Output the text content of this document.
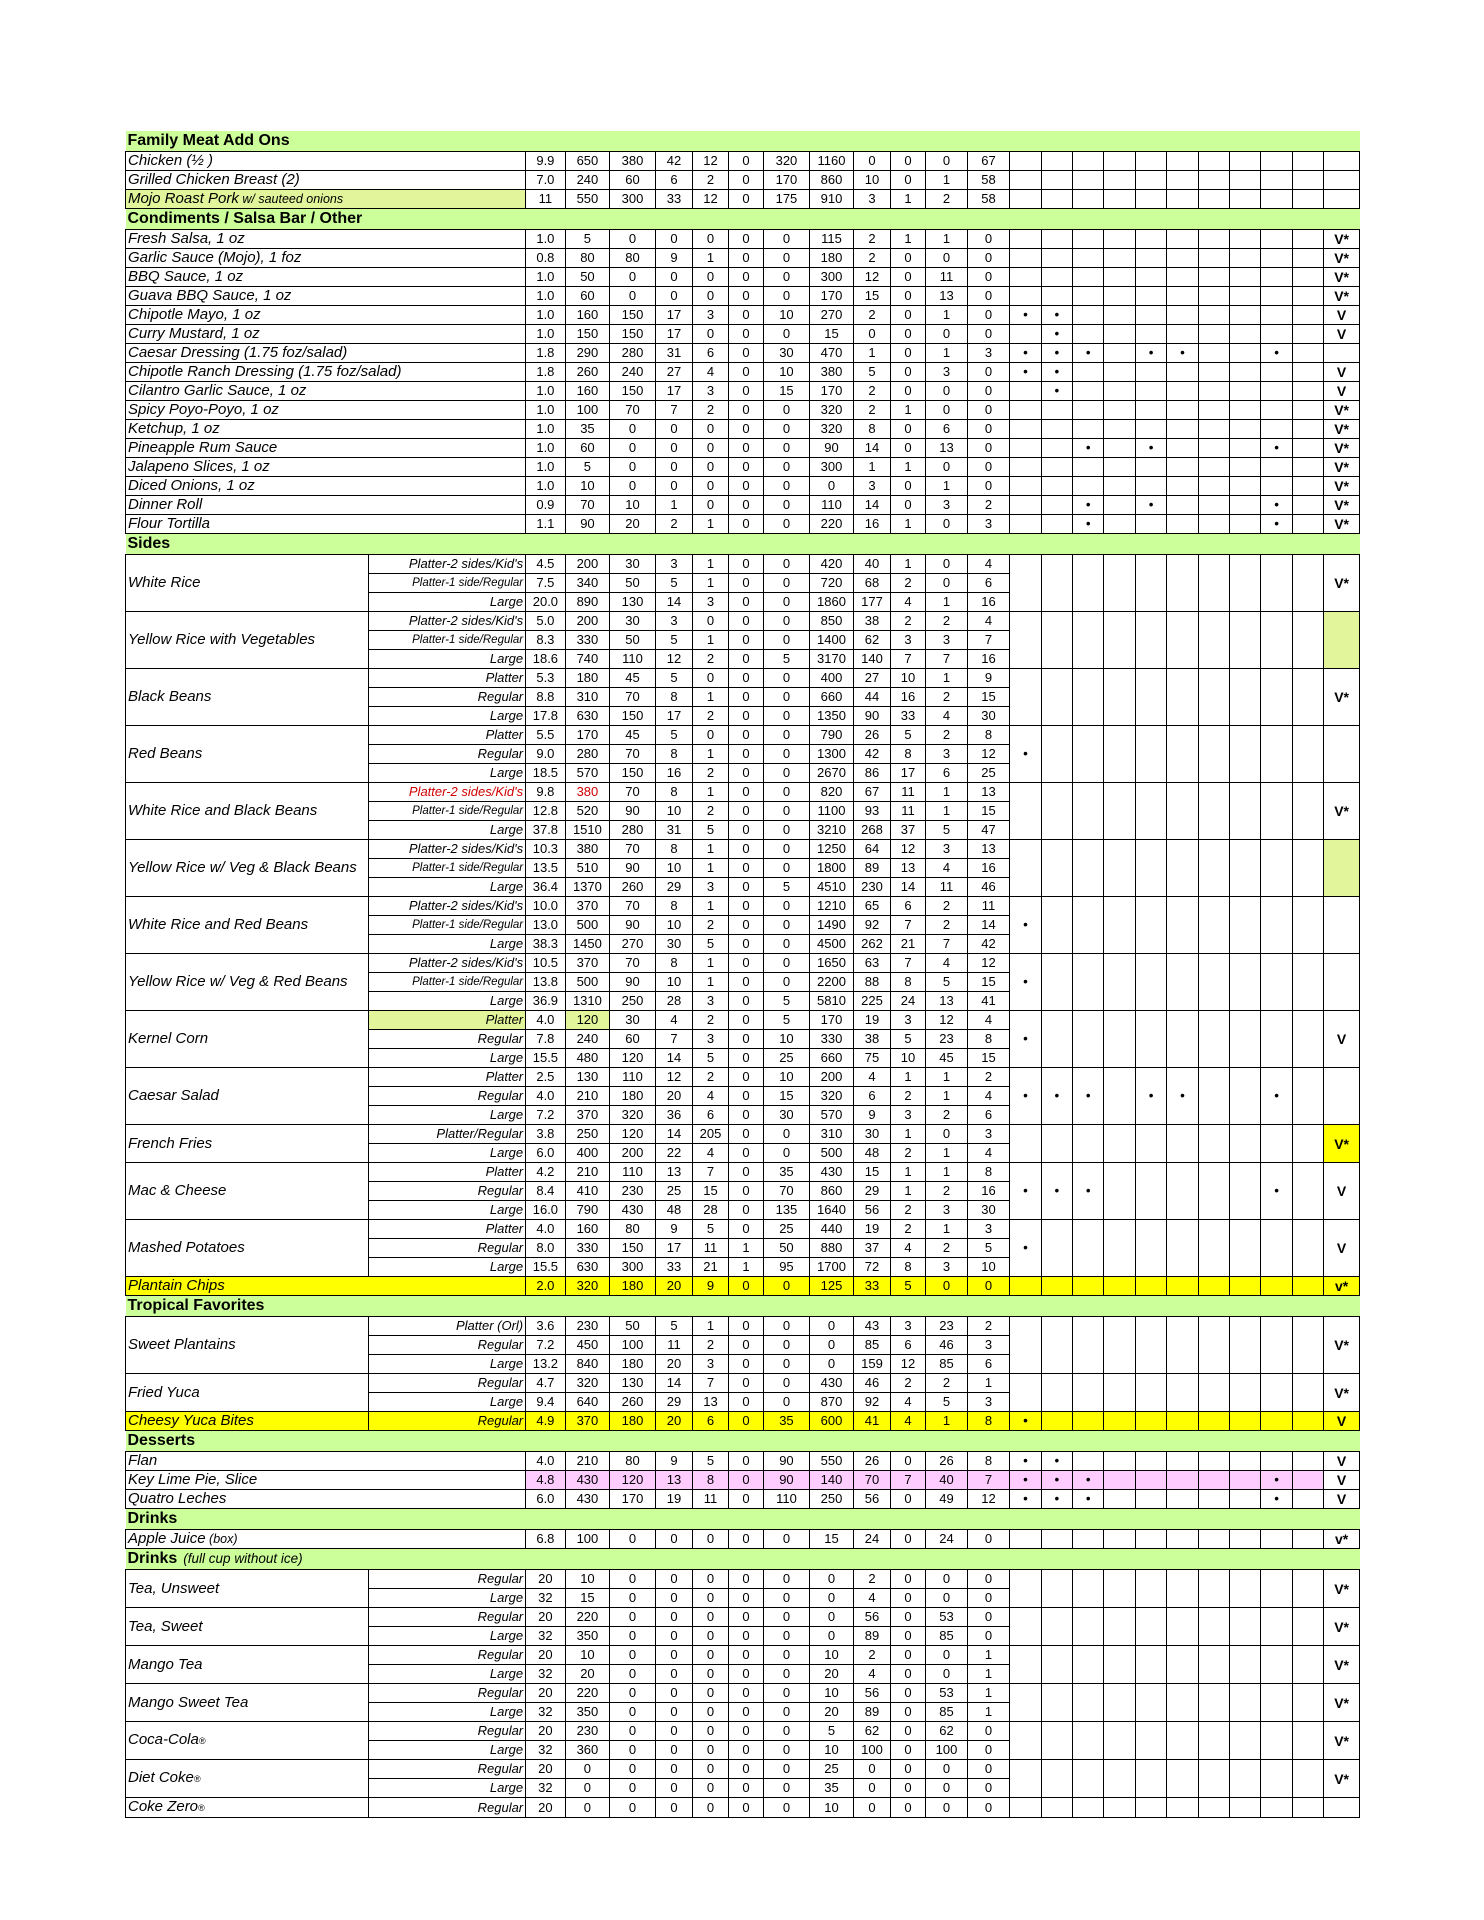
Family Meat Add Ons																								
Chicken (½ )		9.9	650	380	42	12	0	320	1160	0	0	0	67											
Grilled Chicken Breast (2)		7.0	240	60	6	2	0	170	860	10	0	1	58											
Mojo Roast Pork w/ sauteed onions		11	550	300	33	12	0	175	910	3	1	2	58											
Condiments / Salsa Bar / Other																								
Fresh Salsa, 1 oz		1.0	5	0	0	0	0	0	115	2	1	1	0											V*
Garlic Sauce (Mojo), 1 foz		0.8	80	80	9	1	0	0	180	2	0	0	0											V*
BBQ Sauce, 1 oz		1.0	50	0	0	0	0	0	300	12	0	11	0											V*
Guava BBQ Sauce, 1 oz		1.0	60	0	0	0	0	0	170	15	0	13	0											V*
Chipotle Mayo, 1 oz		1.0	160	150	17	3	0	10	270	2	0	1	0	•	•									V
Curry Mustard, 1 oz		1.0	150	150	17	0	0	0	15	0	0	0	0		•									V
Caesar Dressing (1.75 foz/salad)		1.8	290	280	31	6	0	30	470	1	0	1	3	•	•	•		•	•			•		
Chipotle Ranch Dressing (1.75 foz/salad)		1.8	260	240	27	4	0	10	380	5	0	3	0	•	•									V
Cilantro Garlic Sauce, 1 oz		1.0	160	150	17	3	0	15	170	2	0	0	0		•									V
Spicy Poyo-Poyo, 1 oz		1.0	100	70	7	2	0	0	320	2	1	0	0											V*
Ketchup, 1 oz		1.0	35	0	0	0	0	0	320	8	0	6	0											V*
Pineapple Rum Sauce		1.0	60	0	0	0	0	0	90	14	0	13	0			•		•				•		V*
Jalapeno Slices, 1 oz		1.0	5	0	0	0	0	0	300	1	1	0	0											V*
Diced Onions, 1 oz		1.0	10	0	0	0	0	0	0	3	0	1	0											V*
Dinner Roll		0.9	70	10	1	0	0	0	110	14	0	3	2			•		•				•		V*
Flour Tortilla		1.1	90	20	2	1	0	0	220	16	1	0	3			•						•		V*
Sides																								
White Rice	Platter-2 sides/Kid's	4.5	200	30	3	1	0	0	420	40	1	0	4											V*
	Platter-1 side/Regular	7.5	340	50	5	1	0	0	720	68	2	0	6											
	Large	20.0	890	130	14	3	0	0	1860	177	4	1	16											
Yellow Rice with Vegetables	Platter-2 sides/Kid's	5.0	200	30	3	0	0	0	850	38	2	2	4											
	Platter-1 side/Regular	8.3	330	50	5	1	0	0	1400	62	3	3	7											
	Large	18.6	740	110	12	2	0	5	3170	140	7	7	16											
Black Beans	Platter	5.3	180	45	5	0	0	0	400	27	10	1	9											V*
	Regular	8.8	310	70	8	1	0	0	660	44	16	2	15											
	Large	17.8	630	150	17	2	0	0	1350	90	33	4	30											
Red Beans	Platter	5.5	170	45	5	0	0	0	790	26	5	2	8	•										
	Regular	9.0	280	70	8	1	0	0	1300	42	8	3	12											
	Large	18.5	570	150	16	2	0	0	2670	86	17	6	25											
White Rice and Black Beans	Platter-2 sides/Kid's	9.8	380	70	8	1	0	0	820	67	11	1	13											V*
	Platter-1 side/Regular	12.8	520	90	10	2	0	0	1100	93	11	1	15											
	Large	37.8	1510	280	31	5	0	0	3210	268	37	5	47											
Yellow Rice w/ Veg & Black Beans	Platter-2 sides/Kid's	10.3	380	70	8	1	0	0	1250	64	12	3	13											
	Platter-1 side/Regular	13.5	510	90	10	1	0	0	1800	89	13	4	16											
	Large	36.4	1370	260	29	3	0	5	4510	230	14	11	46											
White Rice and Red Beans	Platter-2 sides/Kid's	10.0	370	70	8	1	0	0	1210	65	6	2	11	•										
	Platter-1 side/Regular	13.0	500	90	10	2	0	0	1490	92	7	2	14											
	Large	38.3	1450	270	30	5	0	0	4500	262	21	7	42											
Yellow Rice w/ Veg & Red Beans	Platter-2 sides/Kid's	10.5	370	70	8	1	0	0	1650	63	7	4	12	•										
	Platter-1 side/Regular	13.8	500	90	10	1	0	0	2200	88	8	5	15											
	Large	36.9	1310	250	28	3	0	5	5810	225	24	13	41											
Kernel Corn	Platter	4.0	120	30	4	2	0	5	170	19	3	12	4	•										V
	Regular	7.8	240	60	7	3	0	10	330	38	5	23	8											
	Large	15.5	480	120	14	5	0	25	660	75	10	45	15											
Caesar Salad	Platter	2.5	130	110	12	2	0	10	200	4	1	1	2	•	•	•		•	•			•		
	Regular	4.0	210	180	20	4	0	15	320	6	2	1	4											
	Large	7.2	370	320	36	6	0	30	570	9	3	2	6											
French Fries	Platter/Regular	3.8	250	120	14	205	0	0	310	30	1	0	3											V*
	Large	6.0	400	200	22	4	0	0	500	48	2	1	4											
Mac & Cheese	Platter	4.2	210	110	13	7	0	35	430	15	1	1	8	•	•	•						•		V
	Regular	8.4	410	230	25	15	0	70	860	29	1	2	16											
	Large	16.0	790	430	48	28	0	135	1640	56	2	3	30											
Mashed Potatoes	Platter	4.0	160	80	9	5	0	25	440	19	2	1	3	•										V
	Regular	8.0	330	150	17	11	1	50	880	37	4	2	5											
	Large	15.5	630	300	33	21	1	95	1700	72	8	3	10											
Plantain Chips		2.0	320	180	20	9	0	0	125	33	5	0	0											v*
Tropical Favorites																								
Sweet Plantains	Platter (Orl)	3.6	230	50	5	1	0	0	0	43	3	23	2											V*
	Regular	7.2	450	100	11	2	0	0	0	85	6	46	3											
	Large	13.2	840	180	20	3	0	0	0	159	12	85	6											
Fried Yuca	Regular	4.7	320	130	14	7	0	0	430	46	2	2	1											V*
	Large	9.4	640	260	29	13	0	0	870	92	4	5	3											
Cheesy Yuca Bites	Regular	4.9	370	180	20	6	0	35	600	41	4	1	8	•										V
Desserts																								
Flan		4.0	210	80	9	5	0	90	550	26	0	26	8	•	•									V
Key Lime Pie, Slice		4.8	430	120	13	8	0	90	140	70	7	40	7	•	•	•						•		V
Quatro Leches		6.0	430	170	19	11	0	110	250	56	0	49	12	•	•	•						•		V
Drinks																								
Apple Juice (box)		6.8	100	0	0	0	0	0	15	24	0	24	0											v*
Drinks (full cup without ice)																								
Tea, Unsweet	Regular	20	10	0	0	0	0	0	0	2	0	0	0											V*
	Large	32	15	0	0	0	0	0	0	4	0	0	0											
Tea, Sweet	Regular	20	220	0	0	0	0	0	0	56	0	53	0											V*
	Large	32	350	0	0	0	0	0	0	89	0	85	0											
Mango Tea	Regular	20	10	0	0	0	0	0	10	2	0	0	1											V*
	Large	32	20	0	0	0	0	0	20	4	0	0	1											
Mango Sweet Tea	Regular	20	220	0	0	0	0	0	10	56	0	53	1											V*
	Large	32	350	0	0	0	0	0	20	89	0	85	1											
Coca-Cola®	Regular	20	230	0	0	0	0	0	5	62	0	62	0											V*
	Large	32	360	0	0	0	0	0	10	100	0	100	0											
Diet Coke®	Regular	20	0	0	0	0	0	0	25	0	0	0	0											V*
	Large	32	0	0	0	0	0	0	35	0	0	0	0											
Coke Zero®	Regular	20	0	0	0	0	0	0	10	0	0	0	0											
